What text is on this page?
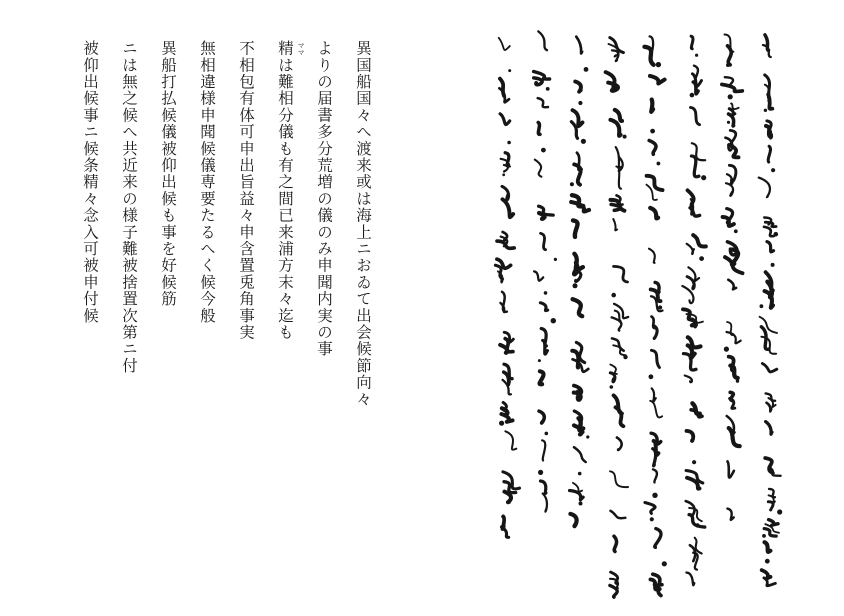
異国船国々へ渡来或は海上ニおゐて出会候節向々
よりの届書多分荒増の儀のみ申聞内実の事
ママ
精は難相分儀も有之間已来浦方末々迄も
不相包有体可申出旨益々申含置兎角事実
無相違様申聞候儀専要たるへく候今般
異船打払候儀被仰出候も事を好候筋
ニは無之候へ共近来の様子難被捨置次第ニ付
被仰出候事ニ候条精々念入可被申付候
